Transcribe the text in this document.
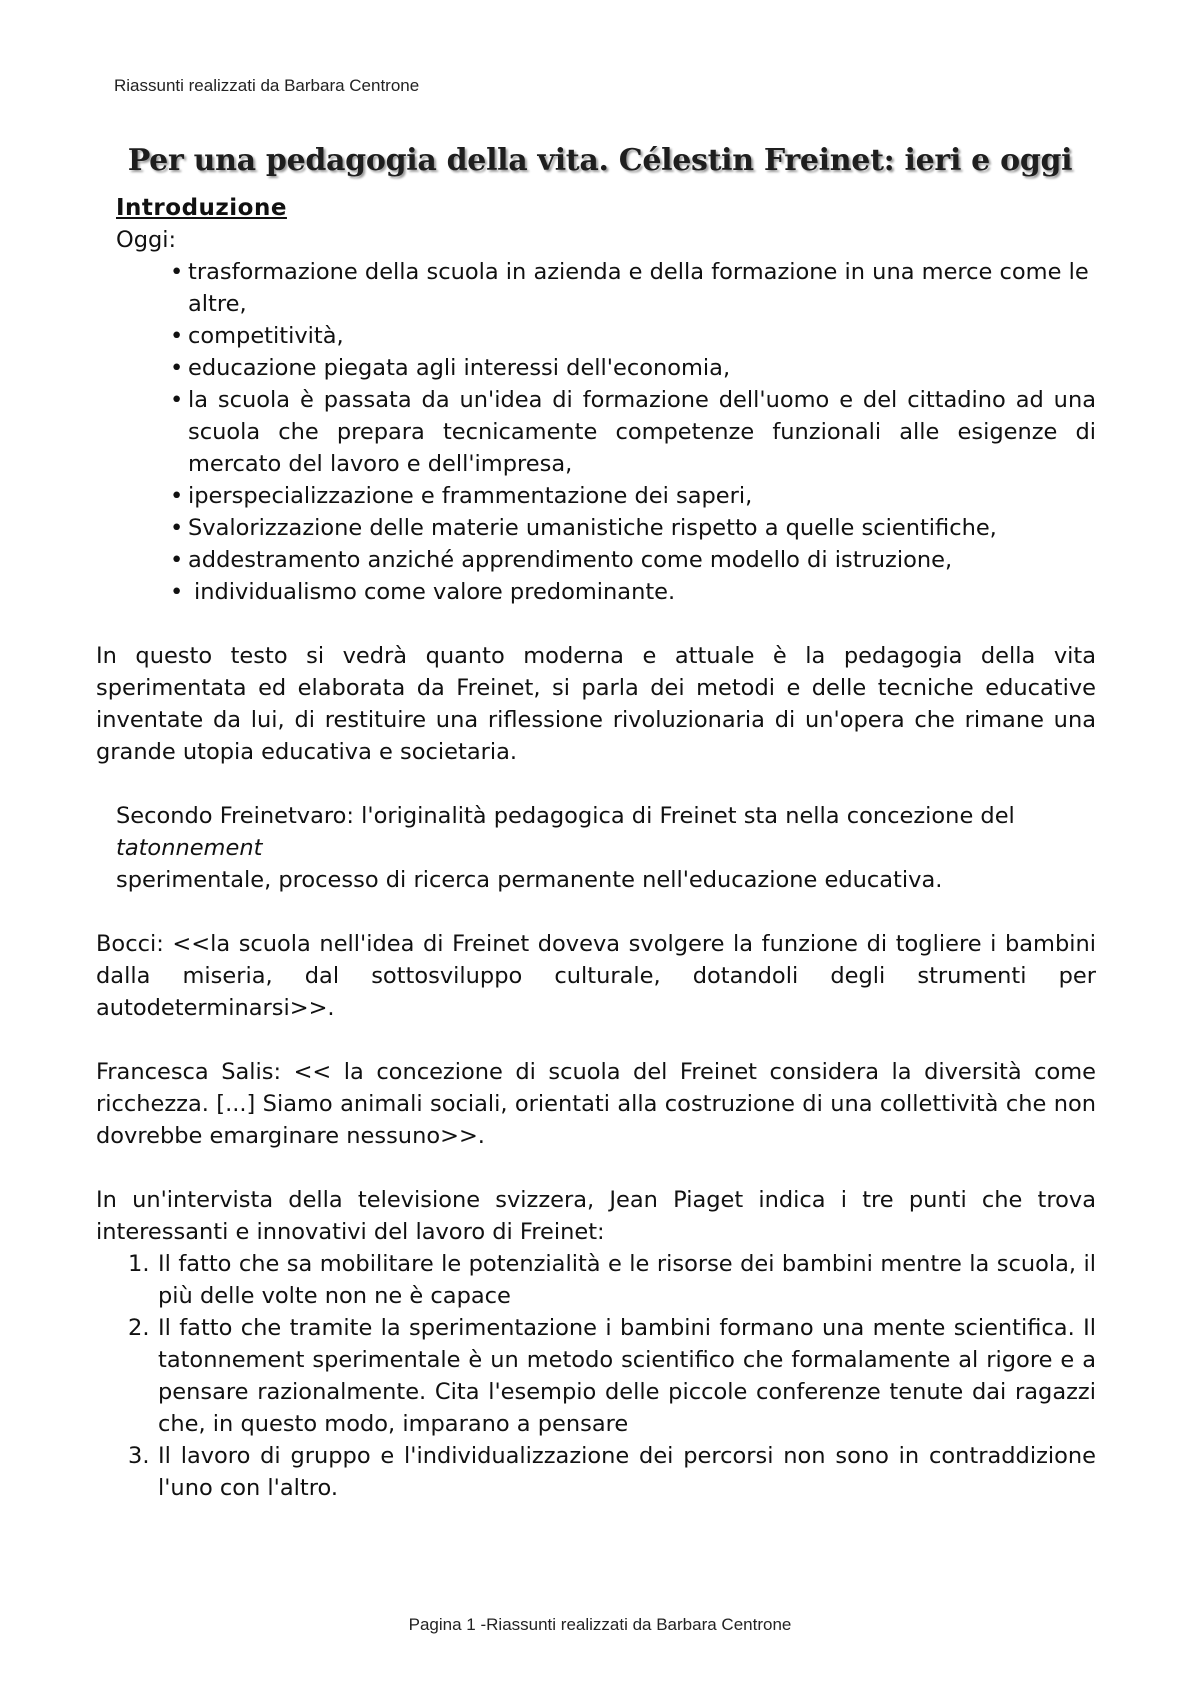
Riassunti realizzati da Barbara Centrone
Per una pedagogia della vita. Célestin Freinet: ieri e oggi
Introduzione
Oggi:
• trasformazione della scuola in azienda e della formazione in una merce come le altre,
• competitività,
• educazione piegata agli interessi dell'economia,
• la scuola è passata da un'idea di formazione dell'uomo e del cittadino ad una scuola che prepara tecnicamente competenze funzionali alle esigenze di mercato del lavoro e dell'impresa,
• iperspecializzazione e frammentazione dei saperi,
• Svalorizzazione delle materie umanistiche rispetto a quelle scientifiche,
• addestramento anziché apprendimento come modello di istruzione,
• individualismo come valore predominante.

In questo testo si vedrà quanto moderna e attuale è la pedagogia della vita sperimentata ed elaborata da Freinet, si parla dei metodi e delle tecniche educative inventate da lui, di restituire una riflessione rivoluzionaria di un'opera che rimane una grande utopia educativa e societaria.

Secondo Freinetvaro: l'originalità pedagogica di Freinet sta nella concezione del tatonnement
sperimentale, processo di ricerca permanente nell'educazione educativa.

Bocci: <<la scuola nell'idea di Freinet doveva svolgere la funzione di togliere i bambini dalla miseria, dal sottosviluppo culturale, dotandoli degli strumenti per autodeterminarsi>>.

Francesca Salis: << la concezione di scuola del Freinet considera la diversità come ricchezza. [...] Siamo animali sociali, orientati alla costruzione di una collettività che non dovrebbe emarginare nessuno>>.

In un'intervista della televisione svizzera, Jean Piaget indica i tre punti che trova interessanti e innovativi del lavoro di Freinet:

1. Il fatto che sa mobilitare le potenzialità e le risorse dei bambini mentre la scuola, il più delle volte non ne è capace
2. Il fatto che tramite la sperimentazione i bambini formano una mente scientifica. Il tatonnement sperimentale è un metodo scientifico che formalamente al rigore e a pensare razionalmente. Cita l'esempio delle piccole conferenze tenute dai ragazzi che, in questo modo, imparano a pensare
3. Il lavoro di gruppo e l'individualizzazione dei percorsi non sono in contraddizione l'uno con l'altro.
Pagina 1 -Riassunti realizzati da Barbara Centrone
